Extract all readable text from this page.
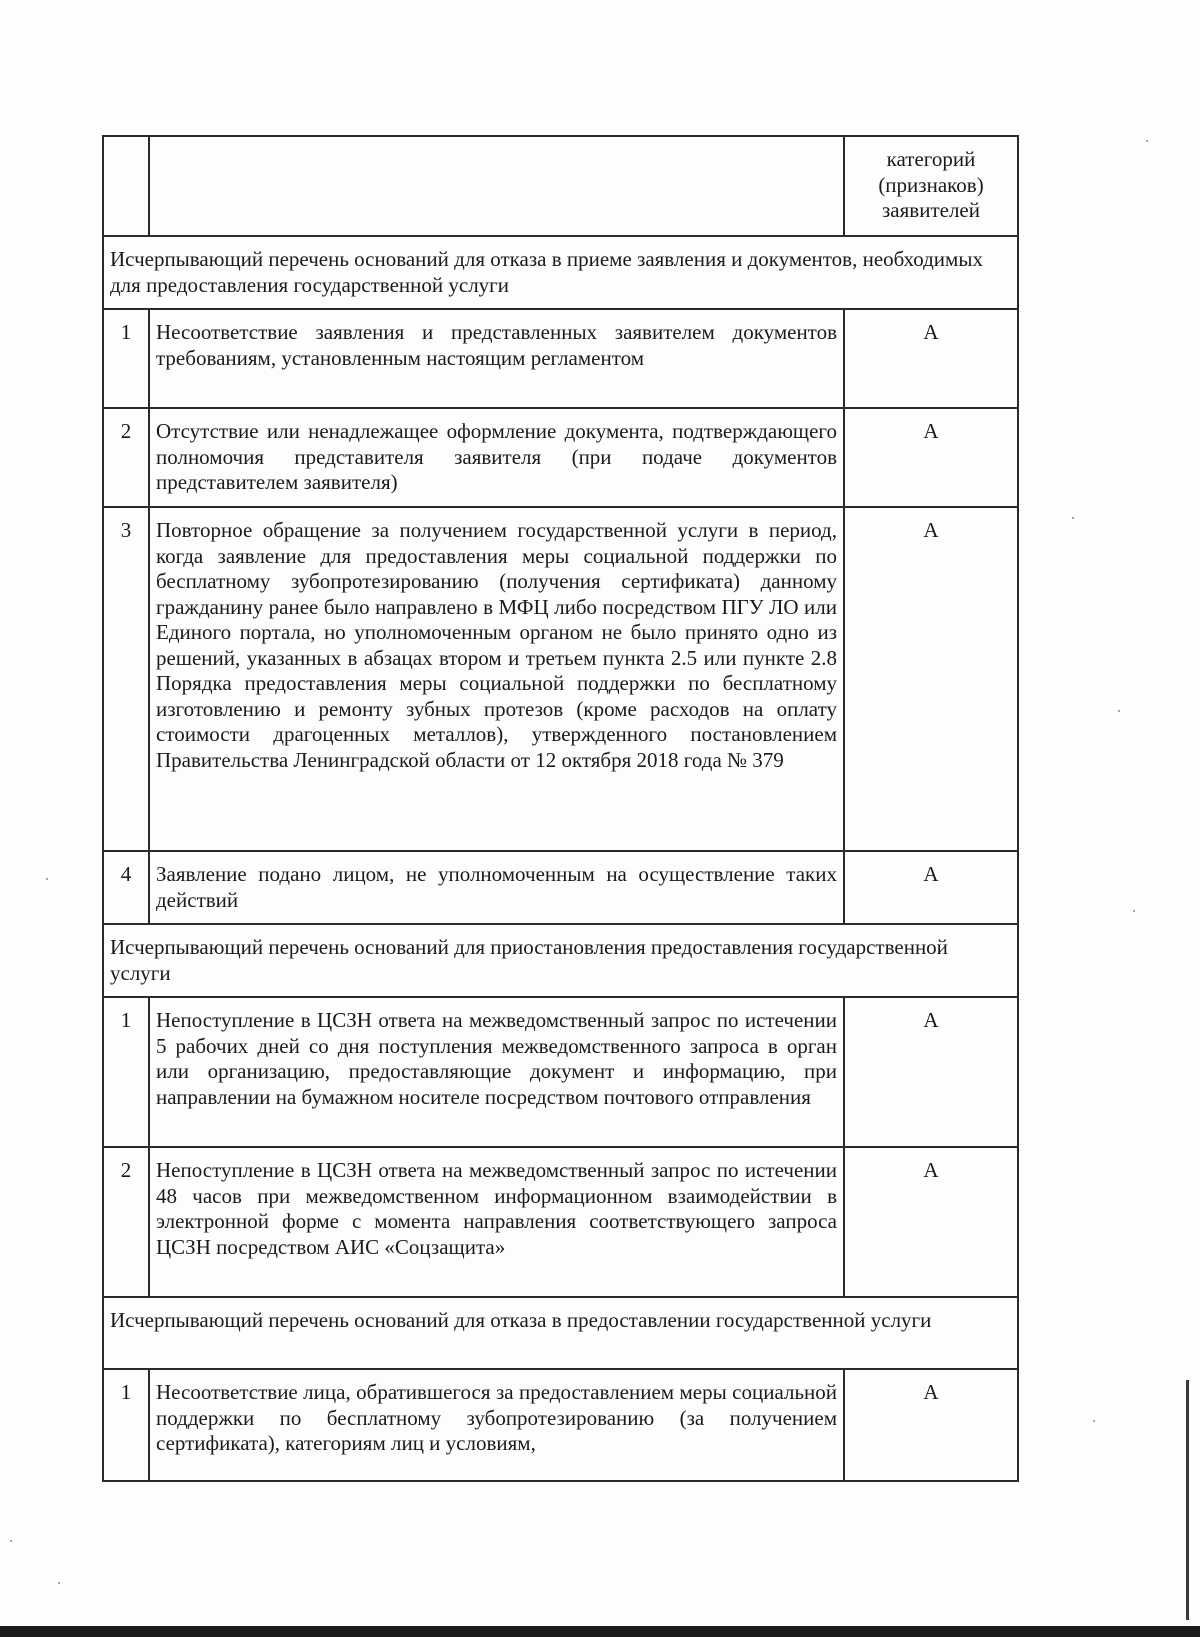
		категорий (признаков) заявителей
Исчерпывающий перечень оснований для отказа в приеме заявления и документов, необходимых для предоставления государственной услуги		
1	Несоответствие заявления и представленных заявителем документов требованиям, установленным настоящим регламентом	А
2	Отсутствие или ненадлежащее оформление документа, подтверждающего полномочия представителя заявителя (при подаче документов представителем заявителя)	А
3	Повторное обращение за получением государственной услуги в период, когда заявление для предоставления меры социальной поддержки по бесплатному зубопротезированию (получения сертификата) данному гражданину ранее было направлено в МФЦ либо посредством ПГУ ЛО или Единого портала, но уполномоченным органом не было принято одно из решений, указанных в абзацах втором и третьем пункта 2.5 или пункте 2.8 Порядка предоставления меры социальной поддержки по бесплатному изготовлению и ремонту зубных протезов (кроме расходов на оплату стоимости драгоценных металлов), утвержденного постановлением Правительства Ленинградской области от 12 октября 2018 года № 379	А
4	Заявление подано лицом, не уполномоченным на осуществление таких действий	А
Исчерпывающий перечень оснований для приостановления предоставления государственной услуги		
1	Непоступление в ЦСЗН ответа на межведомственный запрос по истечении 5 рабочих дней со дня поступления межведомственного запроса в орган или организацию, предоставляющие документ и информацию, при направлении на бумажном носителе посредством почтового отправления	А
2	Непоступление в ЦСЗН ответа на межведомственный запрос по истечении 48 часов при межведомственном информационном взаимодействии в электронной форме с момента направления соответствующего запроса ЦСЗН посредством АИС «Соцзащита»	А
Исчерпывающий перечень оснований для отказа в предоставлении государственной услуги		
1	Несоответствие лица, обратившегося за предоставлением меры социальной поддержки по бесплатному зубопротезированию (за получением сертификата), категориям лиц и условиям,	А
